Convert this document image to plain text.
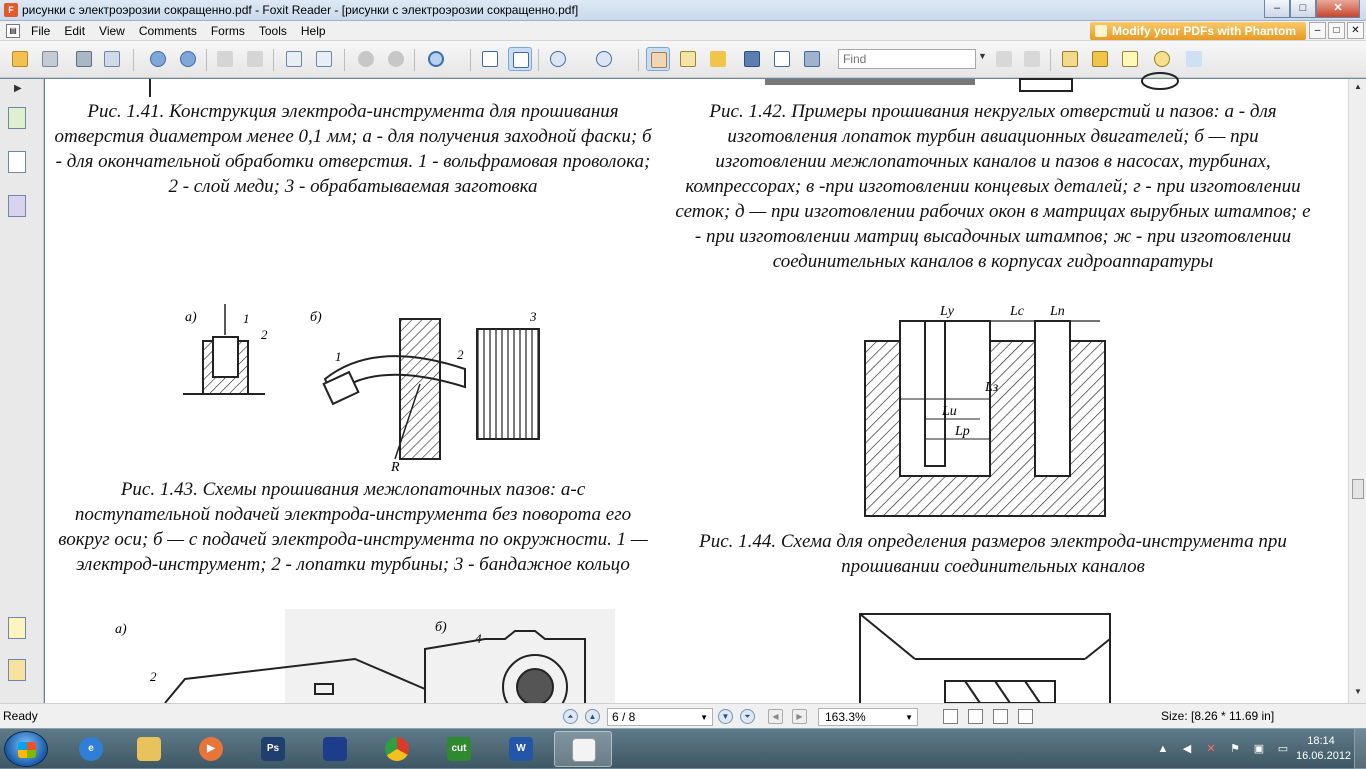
F рисунки с электроэрозии сокращенно.pdf - Foxit Reader - [рисунки с электроэрозии сокращенно.pdf]	–	□	✕
▤	File	Edit	View	Comments	Forms	Tools	Help	Modify your PDFs with Phantom	–	□	✕
Find
▼
▶
Рис. 1.41. Конструкция электрода-инструмента для прошивания отверстия диаметром менее 0,1 мм; а - для получения заходной фаски; б - для окончательной обработки отверстия. 1 - вольфрамовая проволока; 2 - слой меди; 3 - обрабатываемая заготовка
Рис. 1.42. Примеры прошивания некруглых отверстий и пазов: а - для изготовления лопаток турбин авиационных двигателей; б — при изготовлении межлопаточных каналов и пазов в насосах, турбинах, компрессорах; в -при изготовлении концевых деталей; г - при изготовлении сеток; д — при изготовлении рабочих окон в матрицах вырубных штампов; е - при изготовлении матриц высадочных штампов; ж - при изготовлении соединительных каналов в корпусах гидроаппаратуры
а)	1
2
б)
1	2
R
3	Lу	Lс Lп
Lз
Lи
Lр
Рис. 1.43. Схемы прошивания межлопаточных пазов: а-с поступательной подачей электрода-инструмента без поворота его вокруг оси; б — с подачей электрода-инструмента по окружности. 1 — электрод-инструмент; 2 - лопатки турбины; 3 - бандажное кольцо
Рис. 1.44. Схема для определения размеров электрода-инструмента при прошивании соединительных каналов
а)
2
б)
4
▲
▼
Ready	⏶	▲	6 / 8	▼	▼	⏷	◀	▶	163.3%	▼	Size: [8.26 * 11.69 in]
e	▶	Ps	cut	W	▲ ◀ ✕ ⚑ ▣ ▭
18:14
16.06.2012
